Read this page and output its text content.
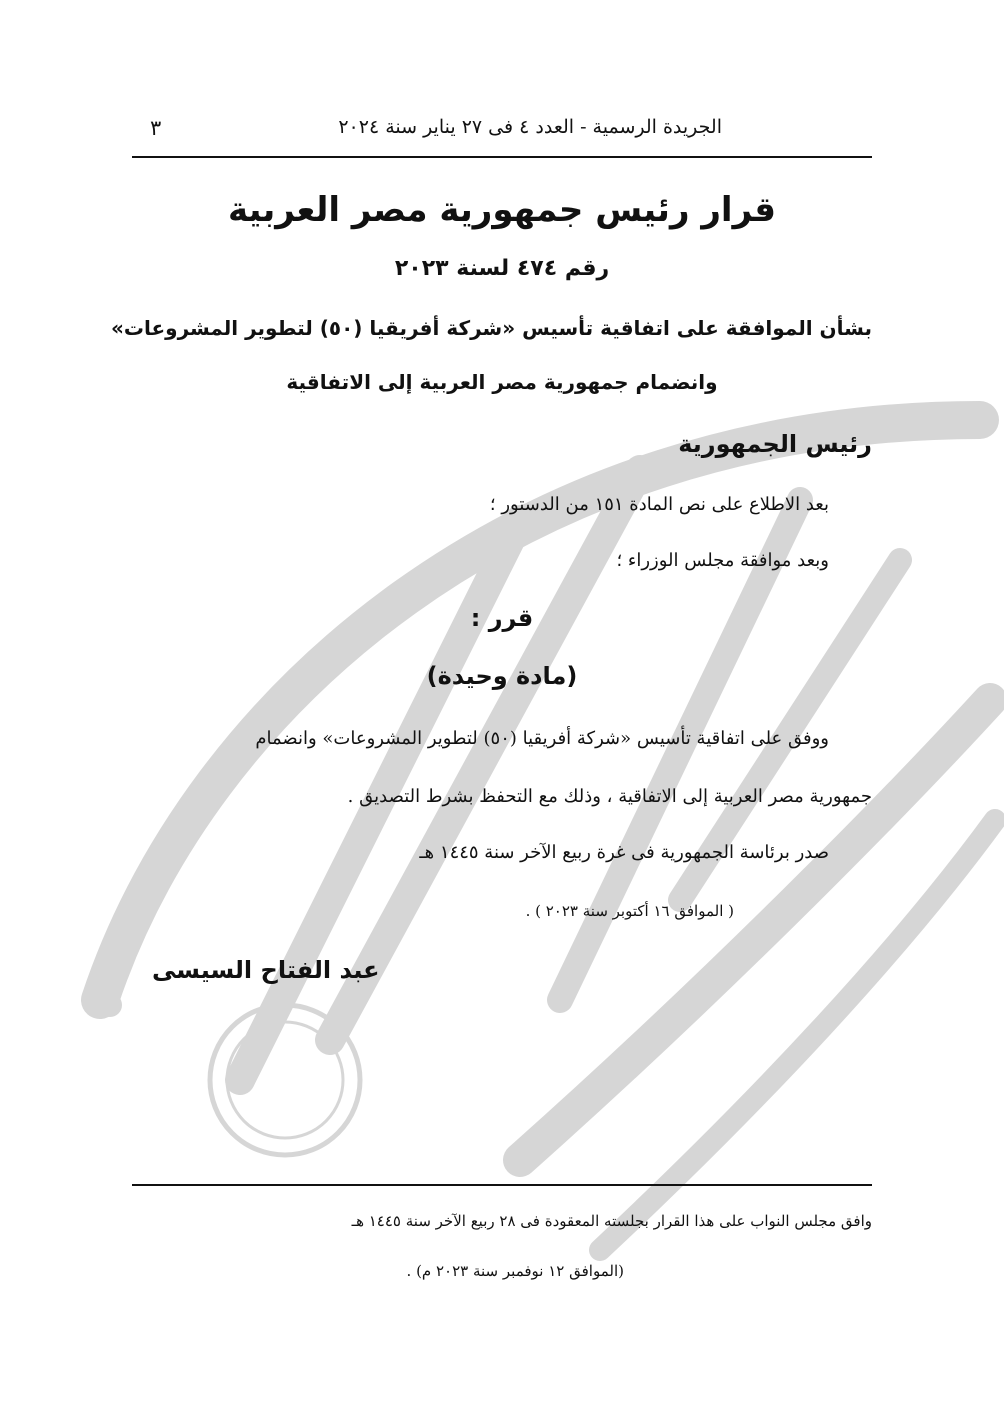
الجريدة الرسمية - العدد ٤ فى ٢٧ يناير سنة ٢٠٢٤
٣
قرار رئيس جمهورية مصر العربية
رقم ٤٧٤ لسنة ٢٠٢٣
بشأن الموافقة على اتفاقية تأسيس «شركة أفريقيا (٥٠) لتطوير المشروعات»
وانضمام جمهورية مصر العربية إلى الاتفاقية
رئيس الجمهورية
بعد الاطلاع على نص المادة ١٥١ من الدستور ؛
وبعد موافقة مجلس الوزراء ؛
قرر :
(مادة وحيدة)
ووفق على اتفاقية تأسيس «شركة أفريقيا (٥٠) لتطوير المشروعات» وانضمام
جمهورية مصر العربية إلى الاتفاقية ، وذلك مع التحفظ بشرط التصديق .
صدر برئاسة الجمهورية فى غرة ربيع الآخر سنة ١٤٤٥ هـ
( الموافق ١٦ أكتوبر سنة ٢٠٢٣ ) .
عبد الفتاح السيسى
وافق مجلس النواب على هذا القرار بجلسته المعقودة فى ٢٨ ربيع الآخر سنة ١٤٤٥ هـ
(الموافق ١٢ نوفمبر سنة ٢٠٢٣ م) .
